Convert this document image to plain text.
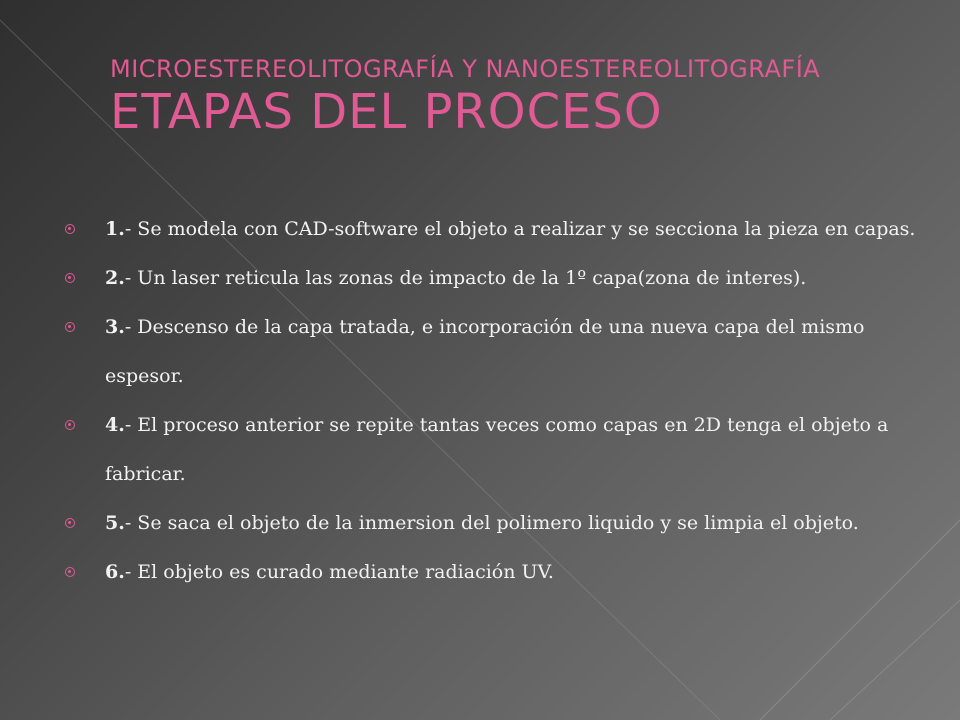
MICROESTEREOLITOGRAFÍA Y NANOESTEREOLITOGRAFÍA
ETAPAS DEL PROCESO
1.- Se modela con CAD-software el objeto a realizar y se secciona la pieza en capas.
2.- Un laser reticula las zonas de impacto de la 1º capa(zona de interes).
3.- Descenso de la capa tratada, e incorporación de una nueva capa del mismo espesor.
4.- El proceso anterior se repite tantas veces como capas en 2D tenga el objeto a fabricar.
5.- Se saca el objeto de la inmersion del polimero liquido y se limpia el objeto.
6.- El objeto es curado mediante radiación UV.
